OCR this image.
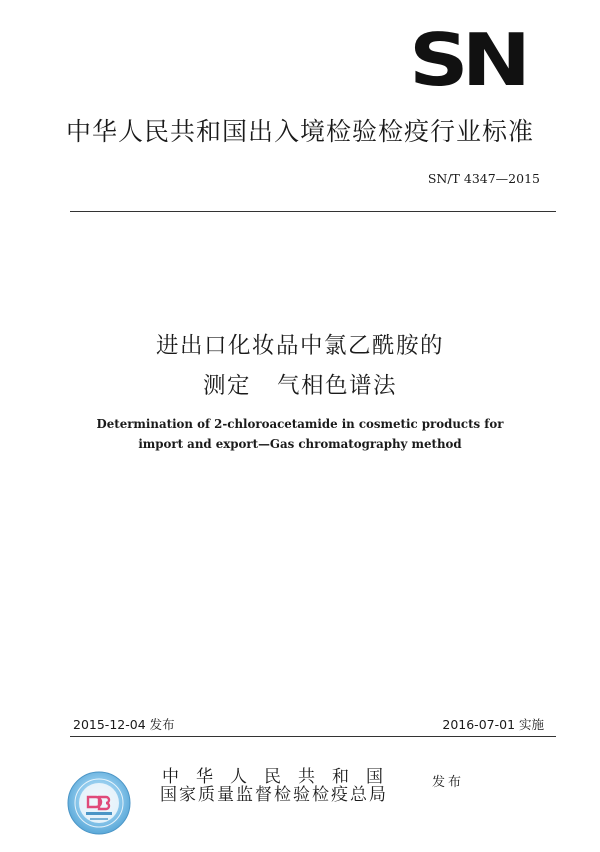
SN
中华人民共和国出入境检验检疫行业标准
SN/T 4347—2015
进出口化妆品中氯乙酰胺的
测定 气相色谱法
Determination of 2-chloroacetamide in cosmetic products for
import and export—Gas chromatography method
2015-12-04 发布	2016-07-01 实施
中华人民共和国
国家质量监督检验检疫总局
发布
